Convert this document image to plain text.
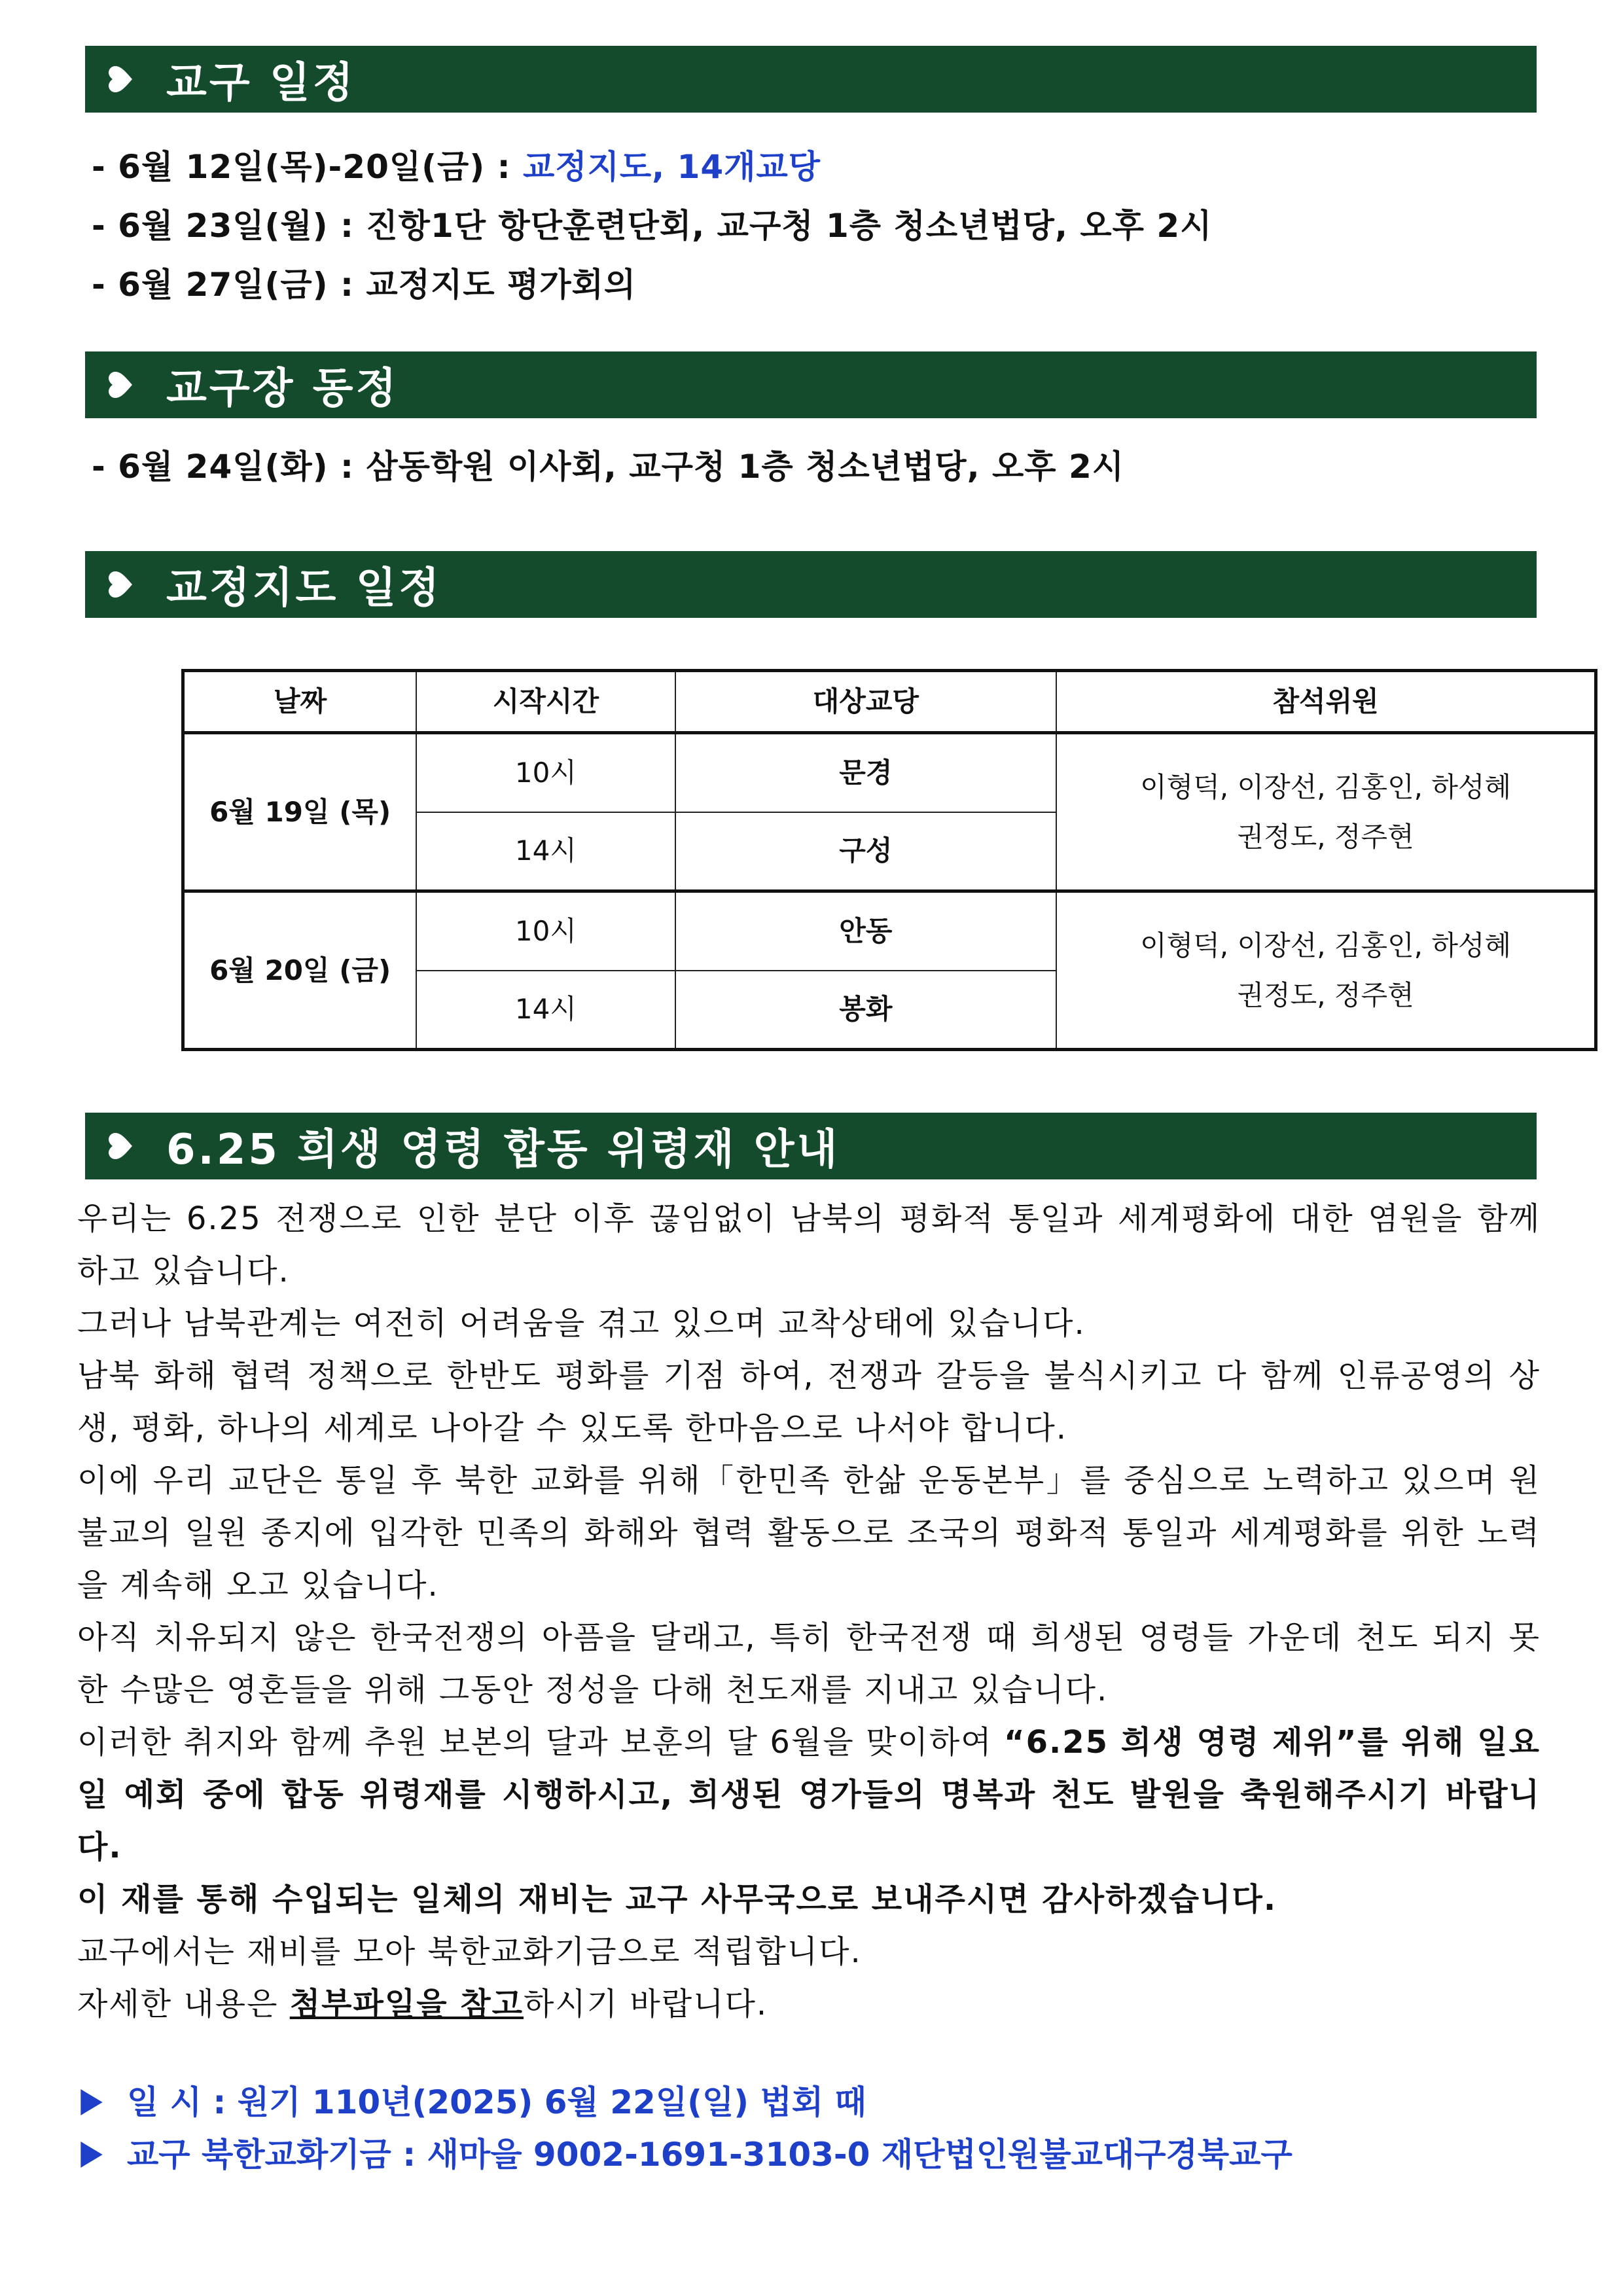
교구 일정
- 6월 12일(목)-20일(금) : 교정지도, 14개교당
- 6월 23일(월) : 진항1단 항단훈련단회, 교구청 1층 청소년법당, 오후 2시
- 6월 27일(금) : 교정지도 평가회의
교구장 동정
- 6월 24일(화) : 삼동학원 이사회, 교구청 1층 청소년법당, 오후 2시
교정지도 일정
날짜	시작시간	대상교당	참석위원
6월 19일 (목)	10시	문경	이형덕, 이장선, 김홍인, 하성혜
권정도, 정주현

	14시	구성	
6월 20일 (금)	10시	안동	이형덕, 이장선, 김홍인, 하성혜
권정도, 정주현

	14시	봉화	
6.25 희생 영령 합동 위령재 안내

우리는 6.25 전쟁으로 인한 분단 이후 끊임없이 남북의 평화적 통일과 세계평화에 대한 염원을 함께 하고 있습니다.

그러나 남북관계는 여전히 어려움을 겪고 있으며 교착상태에 있습니다.

남북 화해 협력 정책으로 한반도 평화를 기점 하여, 전쟁과 갈등을 불식시키고 다 함께 인류공영의 상생, 평화, 하나의 세계로 나아갈 수 있도록 한마음으로 나서야 합니다.

이에 우리 교단은 통일 후 북한 교화를 위해「한민족 한삶 운동본부」를 중심으로 노력하고 있으며 원불교의 일원 종지에 입각한 민족의 화해와 협력 활동으로 조국의 평화적 통일과 세계평화를 위한 노력을 계속해 오고 있습니다.

아직 치유되지 않은 한국전쟁의 아픔을 달래고, 특히 한국전쟁 때 희생된 영령들 가운데 천도 되지 못한 수많은 영혼들을 위해 그동안 정성을 다해 천도재를 지내고 있습니다.

이러한 취지와 함께 추원 보본의 달과 보훈의 달 6월을 맞이하여 “6.25 희생 영령 제위”를 위해 일요일 예회 중에 합동 위령재를 시행하시고, 희생된 영가들의 명복과 천도 발원을 축원해주시기 바랍니다.

이 재를 통해 수입되는 일체의 재비는 교구 사무국으로 보내주시면 감사하겠습니다.

교구에서는 재비를 모아 북한교화기금으로 적립합니다.

자세한 내용은 첨부파일을 참고하시기 바랍니다.

일 시 : 원기 110년(2025) 6월 22일(일) 법회 때
교구 북한교화기금 : 새마을 9002-1691-3103-0 재단법인원불교대구경북교구
